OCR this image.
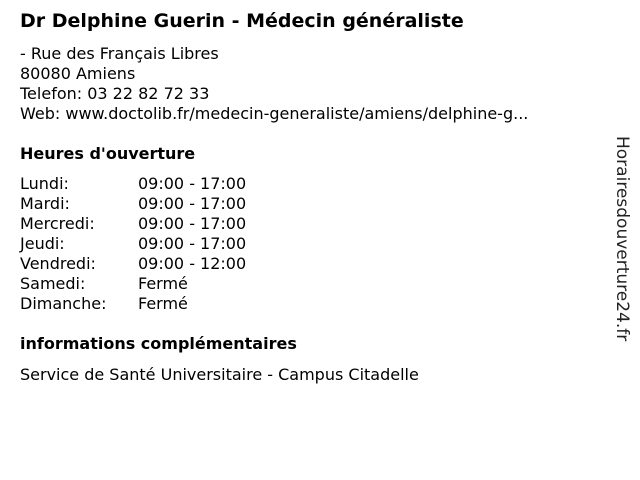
Dr Delphine Guerin - Médecin généraliste
- Rue des Français Libres
80080 Amiens
Telefon: 03 22 82 72 33
Web: www.doctolib.fr/medecin-generaliste/amiens/delphine-g...
Heures d'ouverture
Lundi:	09:00 - 17:00
Mardi:	09:00 - 17:00
Mercredi:	09:00 - 17:00
Jeudi:	09:00 - 17:00
Vendredi:	09:00 - 12:00
Samedi:	Fermé
Dimanche: Fermé
informations complémentaires
Service de Santé Universitaire - Campus Citadelle
Horairesdouverture24.fr
